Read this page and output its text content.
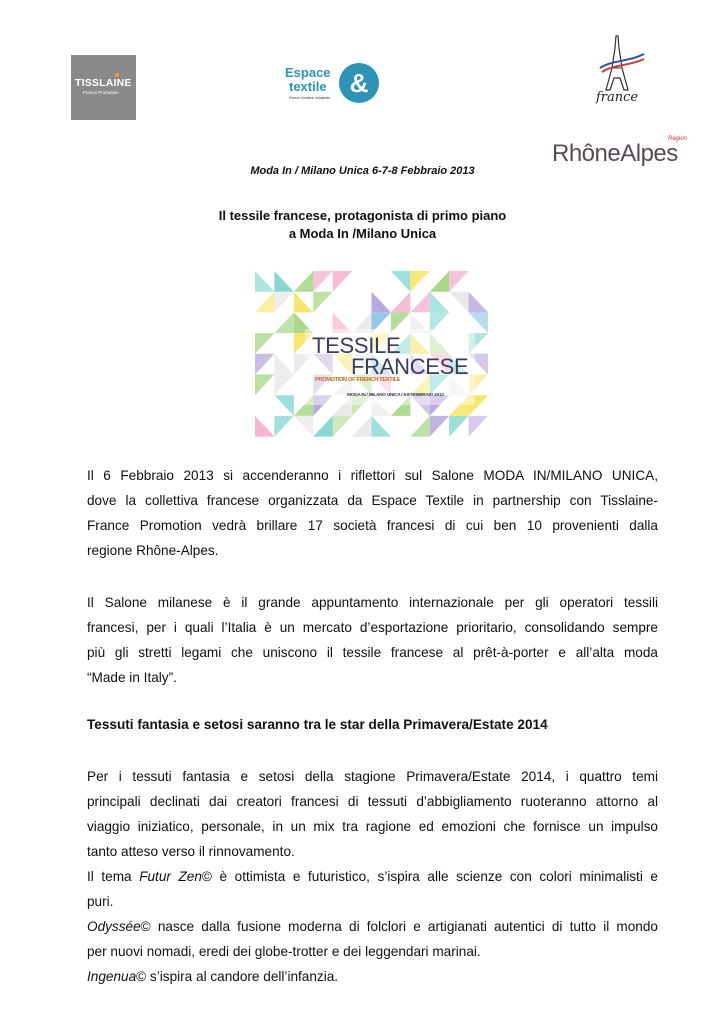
TISSLAINE
France Promotion
Espace
textile
French Creative Industries &	france
Région
RhôneAlpes
Moda In / Milano Unica 6-7-8 Febbraio 2013
Il tessile francese, protagonista di primo piano
a Moda In /Milano Unica
TESSILE
FRANCESE
PROMOTION OF FRENCH TEXTILE
MODA IN / MILANO UNICA / 6-8 FEBBRAIO 2013
Il 6 Febbraio 2013 si accenderanno i riflettori sul Salone MODA IN/MILANO UNICA,
dove la collettiva francese organizzata da Espace Textile in partnership con Tisslaine-
France Promotion vedrà brillare 17 società francesi di cui ben 10 provenienti dalla
regione Rhône-Alpes.
Il Salone milanese è il grande appuntamento internazionale per gli operatori tessili
francesi, per i quali l’Italia è un mercato d’esportazione prioritario, consolidando sempre
più gli stretti legami che uniscono il tessile francese al prêt-à-porter e all’alta moda
“Made in Italy”.
Tessuti fantasia e setosi saranno tra le star della Primavera/Estate 2014
Per i tessuti fantasia e setosi della stagione Primavera/Estate 2014, i quattro temi
principali declinati dai creatori francesi di tessuti d’abbigliamento ruoteranno attorno al
viaggio iniziatico, personale, in un mix tra ragione ed emozioni che fornisce un impulso
tanto atteso verso il rinnovamento.
Il tema Futur Zen© è ottimista e futuristico, s’ispira alle scienze con colori minimalisti e
puri.
Odyssée© nasce dalla fusione moderna di folclori e artigianati autentici di tutto il mondo
per nuovi nomadi, eredi dei globe-trotter e dei leggendari marinai.
Ingenua© s’ispira al candore dell’infanzia.
